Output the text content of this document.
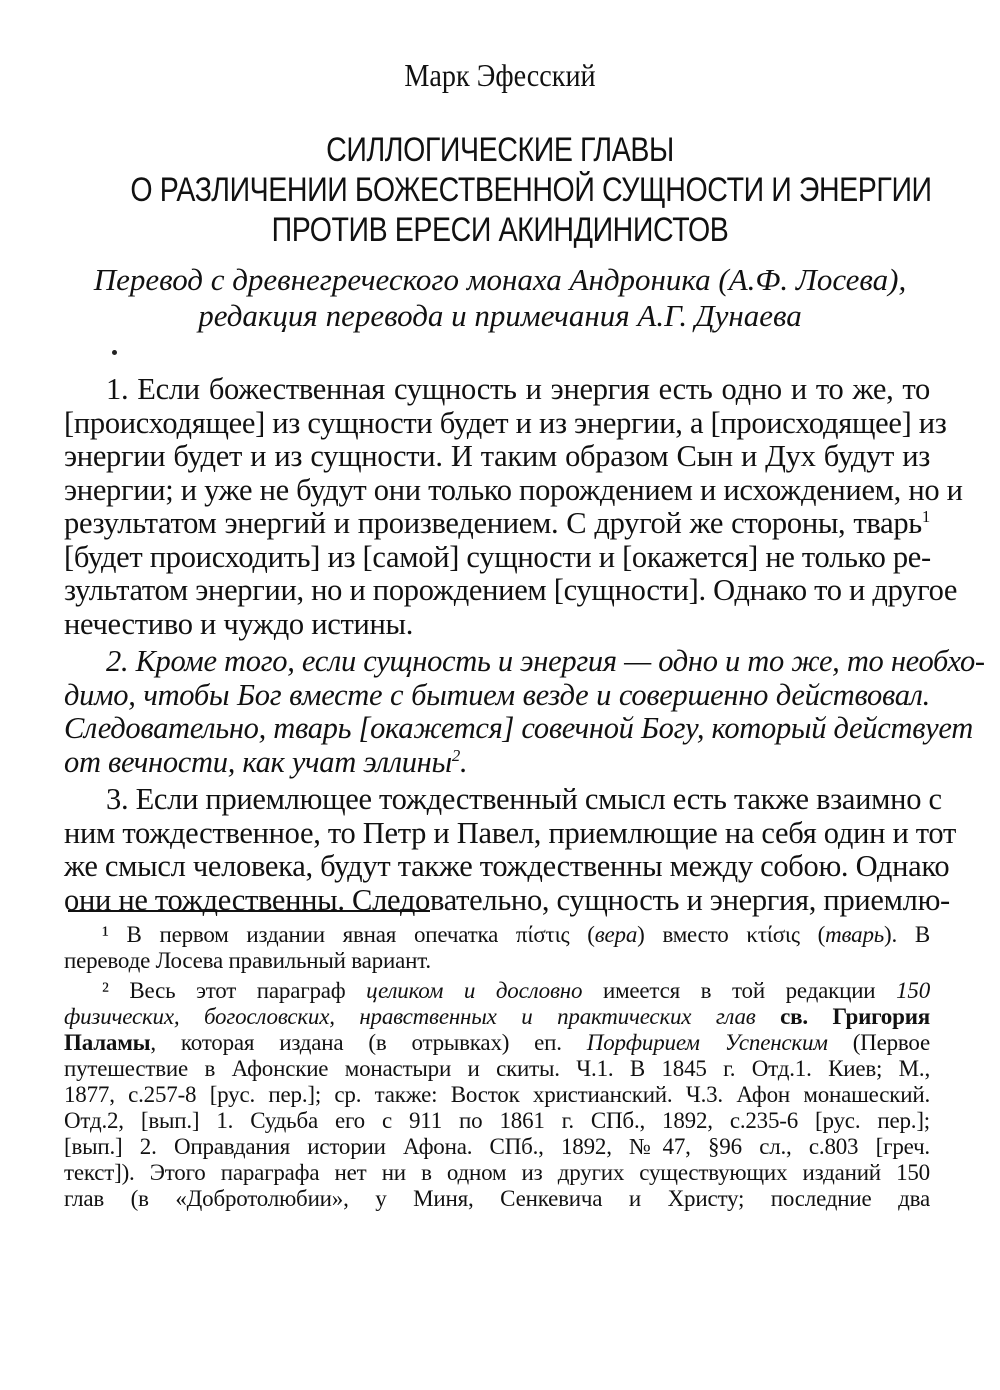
Марк Эфесский
СИЛЛОГИЧЕСКИЕ ГЛАВЫ
О РАЗЛИЧЕНИИ БОЖЕСТВЕННОЙ СУЩНОСТИ И ЭНЕРГИИ
ПРОТИВ ЕРЕСИ АКИНДИНИСТОВ
Перевод с древнегреческого монаха Андроника (А.Ф. Лосева),
редакция перевода и примечания А.Г. Дунаева
1. Если божественная сущность и энергия есть одно и то же, то
[происходящее] из сущности будет и из энергии, а [происходящее] из
энергии будет и из сущности. И таким образом Сын и Дух будут из
энергии; и уже не будут они только порождением и исхождением, но и
результатом энергий и произведением. С другой же стороны, тварь$^1$
[будет происходить] из [самой] сущности и [окажется] не только ре-
зультатом энергии, но и порождением [сущности]. Однако то и другое
нечестиво и чуждо истины.
2. Кроме того, если сущность и энергия — одно и то же, то необхо-
димо, чтобы Бог вместе с бытием везде и совершенно действовал.
Следовательно, тварь [окажется] совечной Богу, который действует
от вечности, как учат эллины$^2$.
3. Если приемлющее тождественный смысл есть также взаимно с
ним тождественное, то Петр и Павел, приемлющие на себя один и тот
же смысл человека, будут также тождественны между собою. Однако
они не тождественны. Следовательно, сущность и энергия, приемлю-
¹ В первом издании явная опечатка πίστις (вера) вместо κτίσις (тварь). В
переводе Лосева правильный вариант.
² Весь этот параграф целиком и дословно имеется в той редакции 150
физических, богословских, нравственных и практических глав св. Григория
Паламы, которая издана (в отрывках) еп. Порфирием Успенским (Первое
путешествие в Афонские монастыри и скиты. Ч.1. В 1845 г. Отд.1. Киев; М.,
1877, с.257-8 [рус. пер.]; ср. также: Восток христианский. Ч.3. Афон монашеский.
Отд.2, [вып.] 1. Судьба его с 911 по 1861 г. СПб., 1892, с.235-6 [рус. пер.];
[вып.] 2. Оправдания истории Афона. СПб., 1892, №47, §96 сл., с.803 [греч.
текст]). Этого параграфа нет ни в одном из других существующих изданий 150
глав (в «Добротолюбии», у Миня, Сенкевича и Христу; последние два
